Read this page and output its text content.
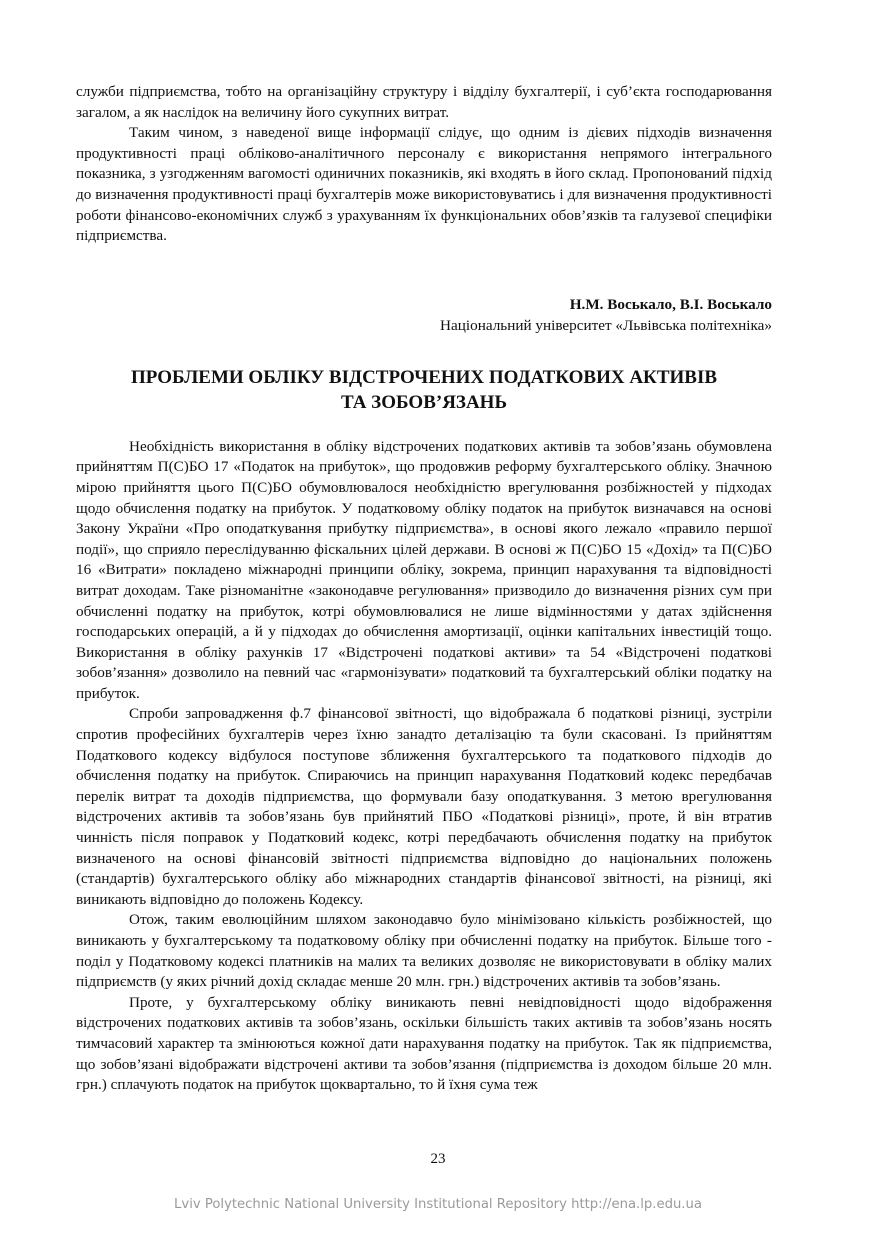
служби підприємства, тобто на організаційну структуру і відділу бухгалтерії, і суб’єкта господарювання загалом, а як наслідок на величину його сукупних витрат.

Таким чином, з наведеної вище інформації слідує, що одним із дієвих підходів визначення продуктивності праці обліково-аналітичного персоналу є використання непрямого інтегрального показника, з узгодженням вагомості одиничних показників, які входять в його склад. Пропонований підхід до визначення продуктивності праці бухгалтерів може використовуватись і для визначення продуктивності роботи фінансово-економічних служб з урахуванням їх функціональних обов’язків та галузевої специфіки підприємства.

Н.М. Воськало, В.І. Воськало
Національний університет «Львівська політехніка»
ПРОБЛЕМИ ОБЛІКУ ВІДСТРОЧЕНИХ ПОДАТКОВИХ АКТИВІВ
ТА ЗОБОВ’ЯЗАНЬ

Необхідність використання в обліку відстрочених податкових активів та зобов’язань обумовлена прийняттям П(С)БО 17 «Податок на прибуток», що продовжив реформу бухгалтерського обліку. Значною мірою прийняття цього П(С)БО обумовлювалося необхідністю врегулювання розбіжностей у підходах щодо обчислення податку на прибуток. У податковому обліку податок на прибуток визначався на основі Закону України «Про оподаткування прибутку підприємства», в основі якого лежало «правило першої події», що сприяло переслідуванню фіскальних цілей держави. В основі ж П(С)БО 15 «Дохід» та П(С)БО 16 «Витрати» покладено міжнародні принципи обліку, зокрема, принцип нарахування та відповідності витрат доходам. Таке різноманітне «законодавче регулювання» призводило до визначення різних сум при обчисленні податку на прибуток, котрі обумовлювалися не лише відмінностями у датах здійснення господарських операцій, а й у підходах до обчислення амортизації, оцінки капітальних інвестицій тощо. Використання в обліку рахунків 17 «Відстрочені податкові активи» та 54 «Відстрочені податкові зобов’язання» дозволило на певний час «гармонізувати» податковий та бухгалтерський обліки податку на прибуток.

Спроби запровадження ф.7 фінансової звітності, що відображала б податкові різниці, зустріли спротив професійних бухгалтерів через їхню занадто деталізацію та були скасовані. Із прийняттям Податкового кодексу відбулося поступове зближення бухгалтерського та податкового підходів до обчислення податку на прибуток. Спираючись на принцип нарахування Податковий кодекс передбачав перелік витрат та доходів підприємства, що формували базу оподаткування. З метою врегулювання відстрочених активів та зобов’язань був прийнятий ПБО «Податкові різниці», проте, й він втратив чинність після поправок у Податковий кодекс, котрі передбачають обчислення податку на прибуток визначеного на основі фінансовій звітності підприємства відповідно до національних положень (стандартів) бухгалтерського обліку або міжнародних стандартів фінансової звітності, на різниці, які виникають відповідно до положень Кодексу.

Отож, таким еволюційним шляхом законодавчо було мінімізовано кількість розбіжностей, що виникають у бухгалтерському та податковому обліку при обчисленні податку на прибуток. Більше того - поділ у Податковому кодексі платників на малих та великих дозволяє не використовувати в обліку малих підприємств (у яких річний дохід складає менше 20 млн. грн.) відстрочених активів та зобов’язань.

Проте, у бухгалтерському обліку виникають певні невідповідності щодо відображення відстрочених податкових активів та зобов’язань, оскільки більшість таких активів та зобов’язань носять тимчасовий характер та змінюються кожної дати нарахування податку на прибуток. Так як підприємства, що зобов’язані відображати відстрочені активи та зобов’язання (підприємства із доходом більше 20 млн. грн.) сплачують податок на прибуток щоквартально, то й їхня сума теж

23
Lviv Polytechnic National University Institutional Repository http://ena.lp.edu.ua
